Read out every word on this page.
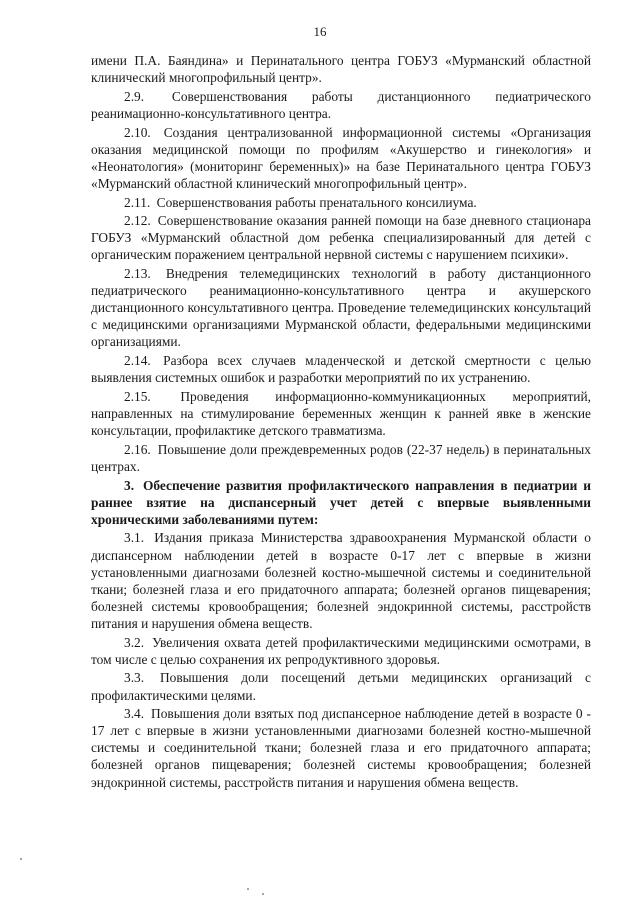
16

имени П.А. Баяндина» и Перинатального центра ГОБУЗ «Мурманский областной клинический многопрофильный центр».

2.9. Совершенствования работы дистанционного педиатрического реанимационно-консультативного центра.

2.10. Создания централизованной информационной системы «Организация оказания медицинской помощи по профилям «Акушерство и гинекология» и «Неонатология» (мониторинг беременных)» на базе Перинатального центра ГОБУЗ «Мурманский областной клинический многопрофильный центр».

2.11. Совершенствования работы пренатального консилиума.

2.12. Совершенствование оказания ранней помощи на базе дневного стационара ГОБУЗ «Мурманский областной дом ребенка специализированный для детей с органическим поражением центральной нервной системы с нарушением психики».

2.13. Внедрения телемедицинских технологий в работу дистанционного педиатрического реанимационно-консультативного центра и акушерского дистанционного консультативного центра. Проведение телемедицинских консультаций с медицинскими организациями Мурманской области, федеральными медицинскими организациями.

2.14. Разбора всех случаев младенческой и детской смертности с целью выявления системных ошибок и разработки мероприятий по их устранению.

2.15. Проведения информационно-коммуникационных мероприятий, направленных на стимулирование беременных женщин к ранней явке в женские консультации, профилактике детского травматизма.

2.16. Повышение доли преждевременных родов (22-37 недель) в перинатальных центрах.

3. Обеспечение развития профилактического направления в педиатрии и раннее взятие на диспансерный учет детей с впервые выявленными хроническими заболеваниями путем:

3.1. Издания приказа Министерства здравоохранения Мурманской области о диспансерном наблюдении детей в возрасте 0-17 лет с впервые в жизни установленными диагнозами болезней костно-мышечной системы и соединительной ткани; болезней глаза и его придаточного аппарата; болезней органов пищеварения; болезней системы кровообращения; болезней эндокринной системы, расстройств питания и нарушения обмена веществ.

3.2. Увеличения охвата детей профилактическими медицинскими осмотрами, в том числе с целью сохранения их репродуктивного здоровья.

3.3. Повышения доли посещений детьми медицинских организаций с профилактическими целями.

3.4. Повышения доли взятых под диспансерное наблюдение детей в возрасте 0 - 17 лет с впервые в жизни установленными диагнозами болезней костно-мышечной системы и соединительной ткани; болезней глаза и его придаточного аппарата; болезней органов пищеварения; болезней системы кровообращения; болезней эндокринной системы, расстройств питания и нарушения обмена веществ.
